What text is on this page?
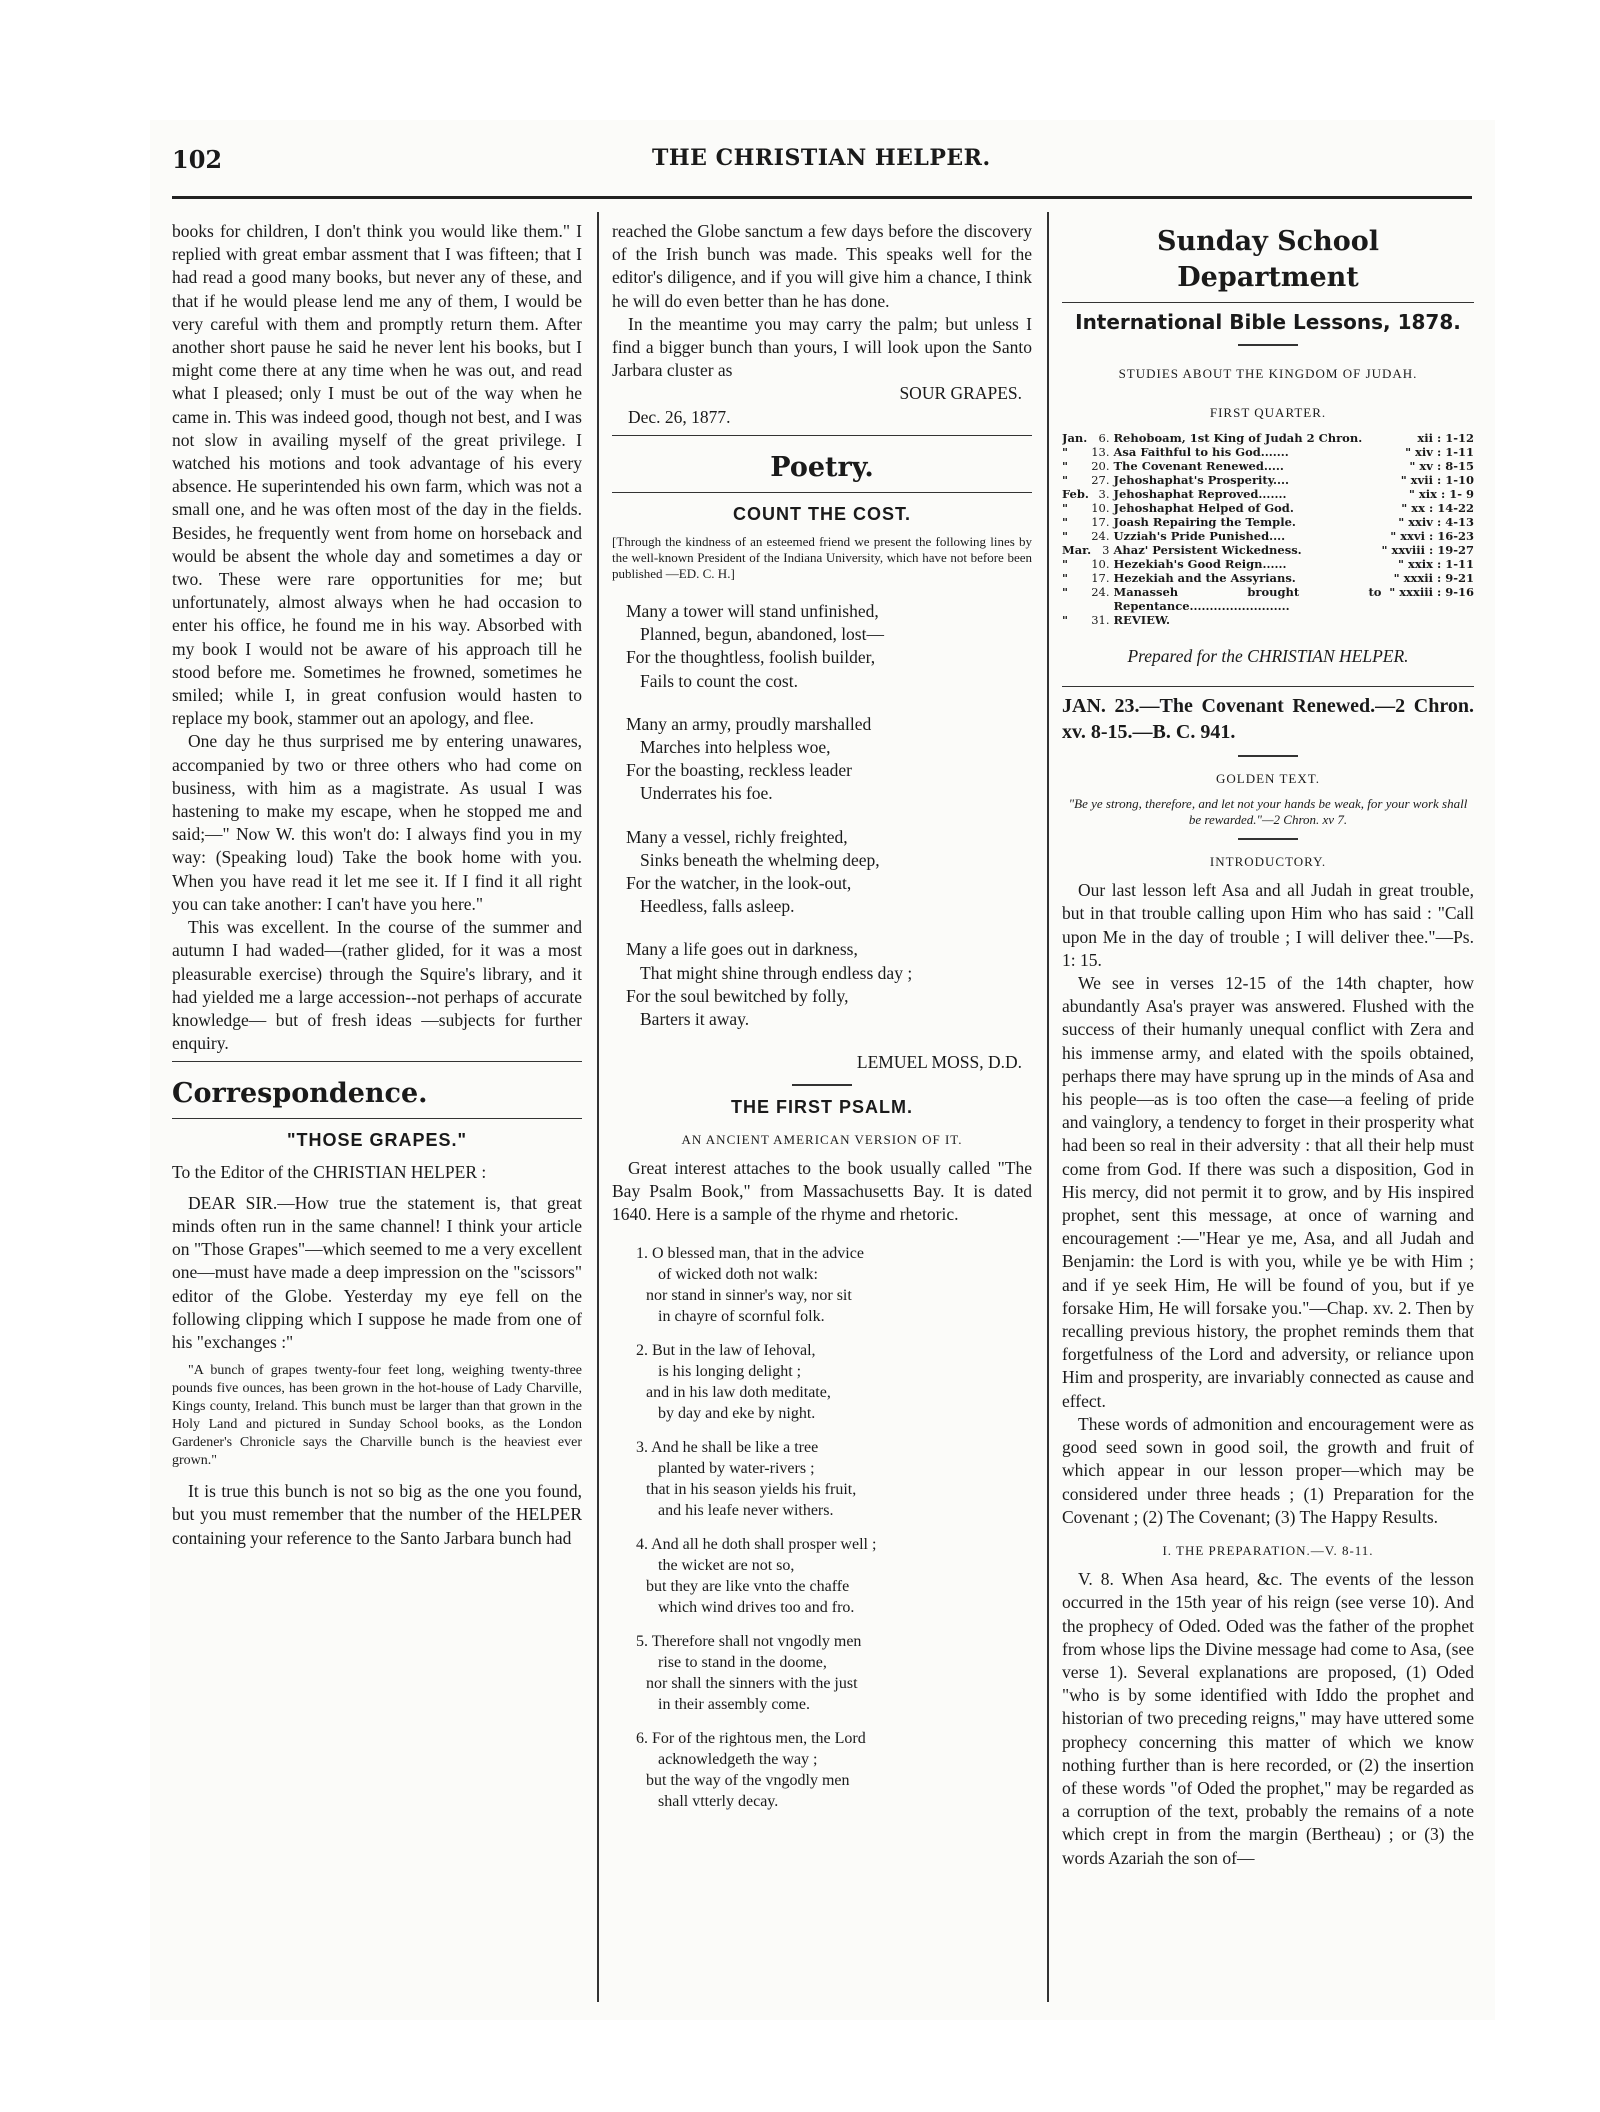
102	THE CHRISTIAN HELPER.

books for children, I don't think you would like them." I replied with great embar assment that I was fifteen; that I had read a good many books, but never any of these, and that if he would please lend me any of them, I would be very careful with them and promptly return them. After another short pause he said he never lent his books, but I might come there at any time when he was out, and read what I pleased; only I must be out of the way when he came in. This was indeed good, though not best, and I was not slow in availing myself of the great privilege. I watched his motions and took advantage of his every absence. He superintended his own farm, which was not a small one, and he was often most of the day in the fields. Besides, he frequently went from home on horseback and would be absent the whole day and sometimes a day or two. These were rare opportunities for me; but unfortunately, almost always when he had occasion to enter his office, he found me in his way. Absorbed with my book I would not be aware of his approach till he stood before me. Sometimes he frowned, sometimes he smiled; while I, in great confusion would hasten to replace my book, stammer out an apology, and flee.

One day he thus surprised me by entering unawares, accompanied by two or three others who had come on business, with him as a magistrate. As usual I was hastening to make my escape, when he stopped me and said;—" Now W. this won't do: I always find you in my way: (Speaking loud) Take the book home with you. When you have read it let me see it. If I find it all right you can take another: I can't have you here."

This was excellent. In the course of the summer and autumn I had waded—(rather glided, for it was a most pleasurable exercise) through the Squire's library, and it had yielded me a large accession--not perhaps of accurate knowledge— but of fresh ideas —subjects for further enquiry.

Correspondence.
"THOSE GRAPES."

To the Editor of the CHRISTIAN HELPER :

DEAR SIR.—How true the statement is, that great minds often run in the same channel! I think your article on "Those Grapes"—which seemed to me a very excellent one—must have made a deep impression on the "scissors" editor of the Globe. Yesterday my eye fell on the following clipping which I suppose he made from one of his "exchanges :"

"A bunch of grapes twenty-four feet long, weighing twenty-three pounds five ounces, has been grown in the hot-house of Lady Charville, Kings county, Ireland. This bunch must be larger than that grown in the Holy Land and pictured in Sunday School books, as the London Gardener's Chronicle says the Charville bunch is the heaviest ever grown."

It is true this bunch is not so big as the one you found, but you must remember that the number of the HELPER containing your reference to the Santo Jarbara bunch had

reached the Globe sanctum a few days before the discovery of the Irish bunch was made. This speaks well for the editor's diligence, and if you will give him a chance, I think he will do even better than he has done.

In the meantime you may carry the palm; but unless I find a bigger bunch than yours, I will look upon the Santo Jarbara cluster as

SOUR GRAPES.

Dec. 26, 1877.

Poetry.
COUNT THE COST.

[Through the kindness of an esteemed friend we present the following lines by the well-known President of the Indiana University, which have not before been published —ED. C. H.]

Many a tower will stand unfinished,
Planned, begun, abandoned, lost—
For the thoughtless, foolish builder,
Fails to count the cost.
Many an army, proudly marshalled
Marches into helpless woe,
For the boasting, reckless leader
Underrates his foe.
Many a vessel, richly freighted,
Sinks beneath the whelming deep,
For the watcher, in the look-out,
Heedless, falls asleep.
Many a life goes out in darkness,
That might shine through endless day ;
For the soul bewitched by folly,
Barters it away.

LEMUEL MOSS, D.D.

THE FIRST PSALM.
AN ANCIENT AMERICAN VERSION OF IT.

Great interest attaches to the book usually called "The Bay Psalm Book," from Massachusetts Bay. It is dated 1640. Here is a sample of the rhyme and rhetoric.

1. O blessed man, that in the advice
of wicked doth not walk:
nor stand in sinner's way, nor sit
in chayre of scornful folk.
2. But in the law of Iehoval,
is his longing delight ;
and in his law doth meditate,
by day and eke by night.
3. And he shall be like a tree
planted by water-rivers ;
that in his season yields his fruit,
and his leafe never withers.
4. And all he doth shall prosper well ;
the wicket are not so,
but they are like vnto the chaffe
which wind drives too and fro.
5. Therefore shall not vngodly men
rise to stand in the doome,
nor shall the sinners with the just
in their assembly come.
6. For of the rightous men, the Lord
acknowledgeth the way ;
but the way of the vngodly men
shall vtterly decay.
Sunday School Department
International Bible Lessons, 1878.
STUDIES ABOUT THE KINGDOM OF JUDAH.
FIRST QUARTER.
Jan.	6.	Rehoboam, 1st King of Judah 2 Chron.	xii : 1-12
"	13.	Asa Faithful to his God.......	" xiv : 1-11
"	20.	The Covenant Renewed.....	" xv : 8-15
"	27.	Jehoshaphat's Prosperity....	" xvii : 1-10
Feb.	3.	Jehoshaphat Reproved.......	" xix : 1- 9
"	10.	Jehoshaphat Helped of God.	" xx : 14-22
"	17.	Joash Repairing the Temple.	" xxiv : 4-13
"	24.	Uzziah's Pride Punished....	" xxvi : 16-23
Mar.	3	Ahaz' Persistent Wickedness.	" xxviii : 19-27
"	10.	Hezekiah's Good Reign......	" xxix : 1-11
"	17.	Hezekiah and the Assyrians.	" xxxii : 9-21
"	24.	Manasseh brought to Repentance.........................	" xxxiii : 9-16
"	31.	REVIEW.	
Prepared for the CHRISTIAN HELPER.
JAN. 23.—The Covenant Renewed.—2 Chron. xv. 8-15.—B. C. 941.
GOLDEN TEXT.

"Be ye strong, therefore, and let not your hands be weak, for your work shall be rewarded."—2 Chron. xv 7.

INTRODUCTORY.

Our last lesson left Asa and all Judah in great trouble, but in that trouble calling upon Him who has said : "Call upon Me in the day of trouble ; I will deliver thee."—Ps. 1: 15.

We see in verses 12-15 of the 14th chapter, how abundantly Asa's prayer was answered. Flushed with the success of their humanly unequal conflict with Zera and his immense army, and elated with the spoils obtained, perhaps there may have sprung up in the minds of Asa and his people—as is too often the case—a feeling of pride and vainglory, a tendency to forget in their prosperity what had been so real in their adversity : that all their help must come from God. If there was such a disposition, God in His mercy, did not permit it to grow, and by His inspired prophet, sent this message, at once of warning and encouragement :—"Hear ye me, Asa, and all Judah and Benjamin: the Lord is with you, while ye be with Him ; and if ye seek Him, He will be found of you, but if ye forsake Him, He will forsake you."—Chap. xv. 2. Then by recalling previous history, the prophet reminds them that forgetfulness of the Lord and adversity, or reliance upon Him and prosperity, are invariably connected as cause and effect.

These words of admonition and encouragement were as good seed sown in good soil, the growth and fruit of which appear in our lesson proper—which may be considered under three heads ; (1) Preparation for the Covenant ; (2) The Covenant; (3) The Happy Results.

I. THE PREPARATION.—V. 8-11.

V. 8. When Asa heard, &c. The events of the lesson occurred in the 15th year of his reign (see verse 10). And the prophecy of Oded. Oded was the father of the prophet from whose lips the Divine message had come to Asa, (see verse 1). Several explanations are proposed, (1) Oded "who is by some identified with Iddo the prophet and historian of two preceding reigns," may have uttered some prophecy concerning this matter of which we know nothing further than is here recorded, or (2) the insertion of these words "of Oded the prophet," may be regarded as a corruption of the text, probably the remains of a note which crept in from the margin (Bertheau) ; or (3) the words Azariah the son of—
